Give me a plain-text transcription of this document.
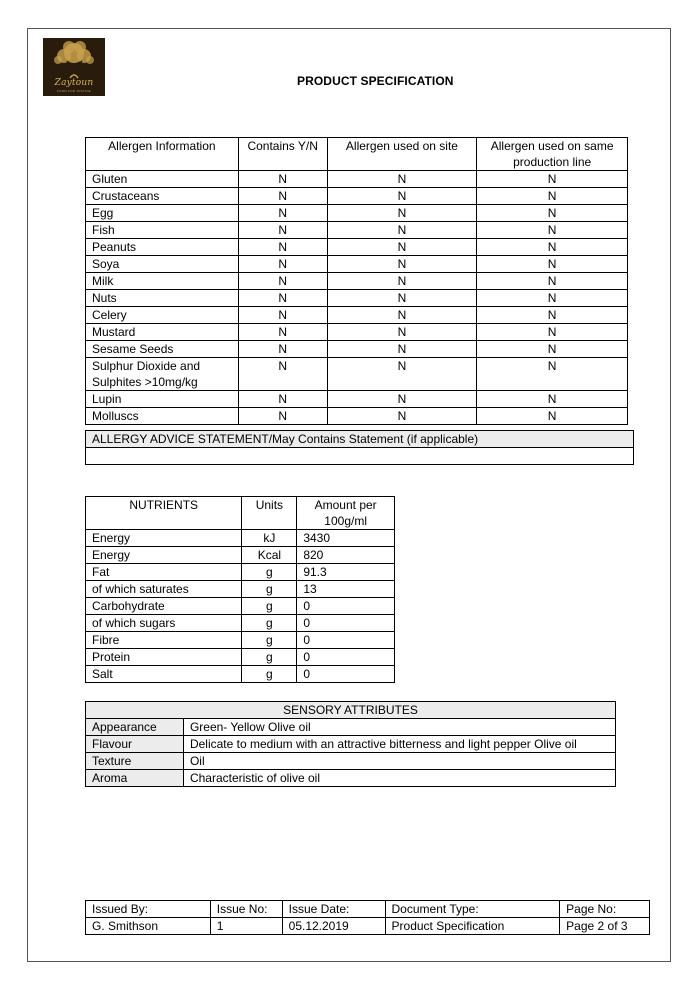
Zaytoun
FOOD FOR JUSTICE
PRODUCT SPECIFICATION
Allergen Information	Contains Y/N	Allergen used on site	Allergen used on same production line
Gluten	N	N	N
Crustaceans	N	N	N
Egg	N	N	N
Fish	N	N	N
Peanuts	N	N	N
Soya	N	N	N
Milk	N	N	N
Nuts	N	N	N
Celery	N	N	N
Mustard	N	N	N
Sesame Seeds	N	N	N
Sulphur Dioxide and Sulphites >10mg/kg	N	N	N
Lupin	N	N	N
Molluscs	N	N	N
ALLERGY ADVICE STATEMENT/May Contains Statement (if applicable)

NUTRIENTS	Units	Amount per 100g/ml
Energy	kJ	3430
Energy	Kcal	820
Fat	g	91.3
of which saturates	g	13
Carbohydrate	g	0
of which sugars	g	0
Fibre	g	0
Protein	g	0
Salt	g	0
SENSORY ATTRIBUTES	
Appearance	Green- Yellow Olive oil
Flavour	Delicate to medium with an attractive bitterness and light pepper Olive oil
Texture	Oil
Aroma	Characteristic of olive oil
Issued By:	Issue No:	Issue Date:	Document Type:	Page No:
G. Smithson	1	05.12.2019	Product Specification	Page 2 of 3
